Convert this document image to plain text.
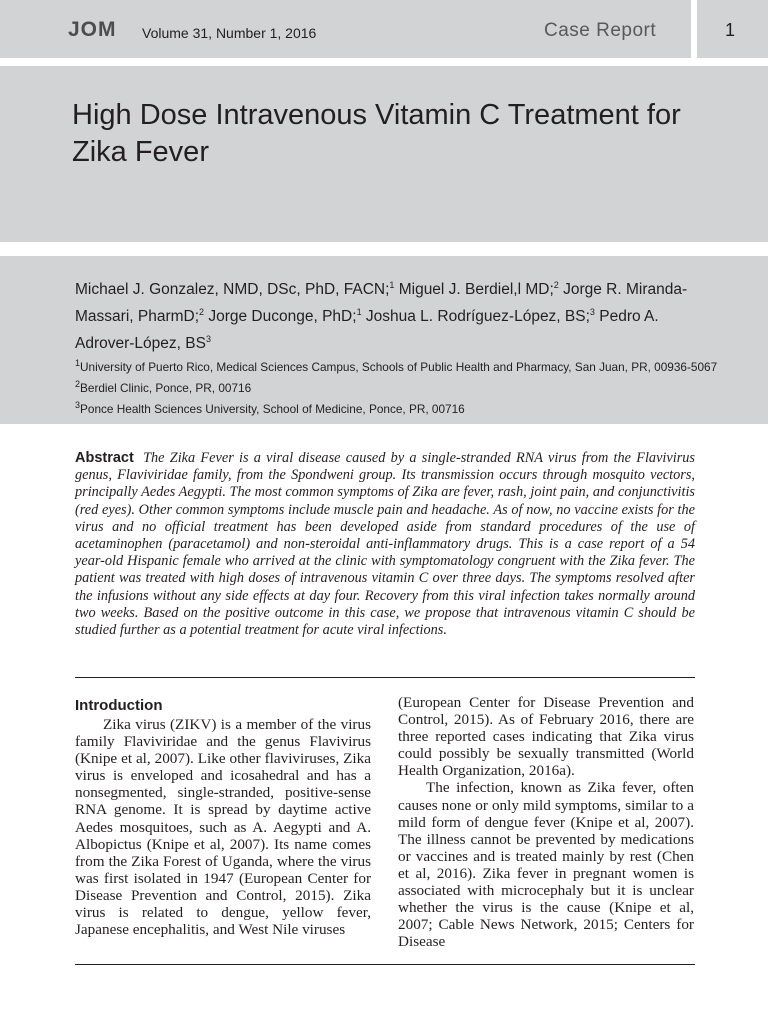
JOM Volume 31, Number 1, 2016	Case Report	1
High Dose Intravenous Vitamin C Treatment for Zika Fever
Michael J. Gonzalez, NMD, DSc, PhD, FACN;$^1$ Miguel J. Berdiel,l MD;$^2$ Jorge R. Miranda-Massari, PharmD;$^2$ Jorge Duconge, PhD;$^1$ Joshua L. Rodríguez-López, BS;$^3$ Pedro A. Adrover-López, $BS^3$
$^1$University of Puerto Rico, Medical Sciences Campus, Schools of Public Health and Pharmacy, San Juan, PR, 00936-5067
$^2$Berdiel Clinic, Ponce, PR, 00716
$^3$Ponce Health Sciences University, School of Medicine, Ponce, PR, 00716
Abstract The Zika Fever is a viral disease caused by a single-stranded RNA virus from the Flavivirus genus, Flaviviridae family, from the Spondweni group. Its transmission occurs through mosquito vectors, principally Aedes Aegypti. The most common symptoms of Zika are fever, rash, joint pain, and conjunctivitis (red eyes). Other common symptoms include muscle pain and headache. As of now, no vaccine exists for the virus and no official treatment has been developed aside from standard procedures of the use of acetaminophen (paracetamol) and non-steroidal anti-inflammatory drugs. This is a case report of a 54 year-old Hispanic female who arrived at the clinic with symptomatology congruent with the Zika fever. The patient was treated with high doses of intravenous vitamin C over three days. The symptoms resolved after the infusions without any side effects at day four. Recovery from this viral infection takes normally around two weeks. Based on the positive outcome in this case, we propose that intravenous vitamin C should be studied further as a potential treatment for acute viral infections.
Introduction

Zika virus (ZIKV) is a member of the virus family Flaviviridae and the genus Flavivirus (Knipe et al, 2007). Like other flaviviruses, Zika virus is enveloped and icosahedral and has a nonsegmented, single-stranded, positive-sense RNA genome. It is spread by daytime active Aedes mosquitoes, such as A. Aegypti and A. Albopictus (Knipe et al, 2007). Its name comes from the Zika Forest of Uganda, where the virus was first isolated in 1947 (European Center for Disease Prevention and Control, 2015). Zika virus is related to dengue, yellow fever, Japanese encephalitis, and West Nile viruses

(European Center for Disease Prevention and Control, 2015). As of February 2016, there are three reported cases indicating that Zika virus could possibly be sexually transmitted (World Health Organization, 2016a).

The infection, known as Zika fever, often causes none or only mild symptoms, similar to a mild form of dengue fever (Knipe et al, 2007). The illness cannot be prevented by medications or vaccines and is treated mainly by rest (Chen et al, 2016). Zika fever in pregnant women is associated with microcephaly but it is unclear whether the virus is the cause (Knipe et al, 2007; Cable News Network, 2015; Centers for Disease
